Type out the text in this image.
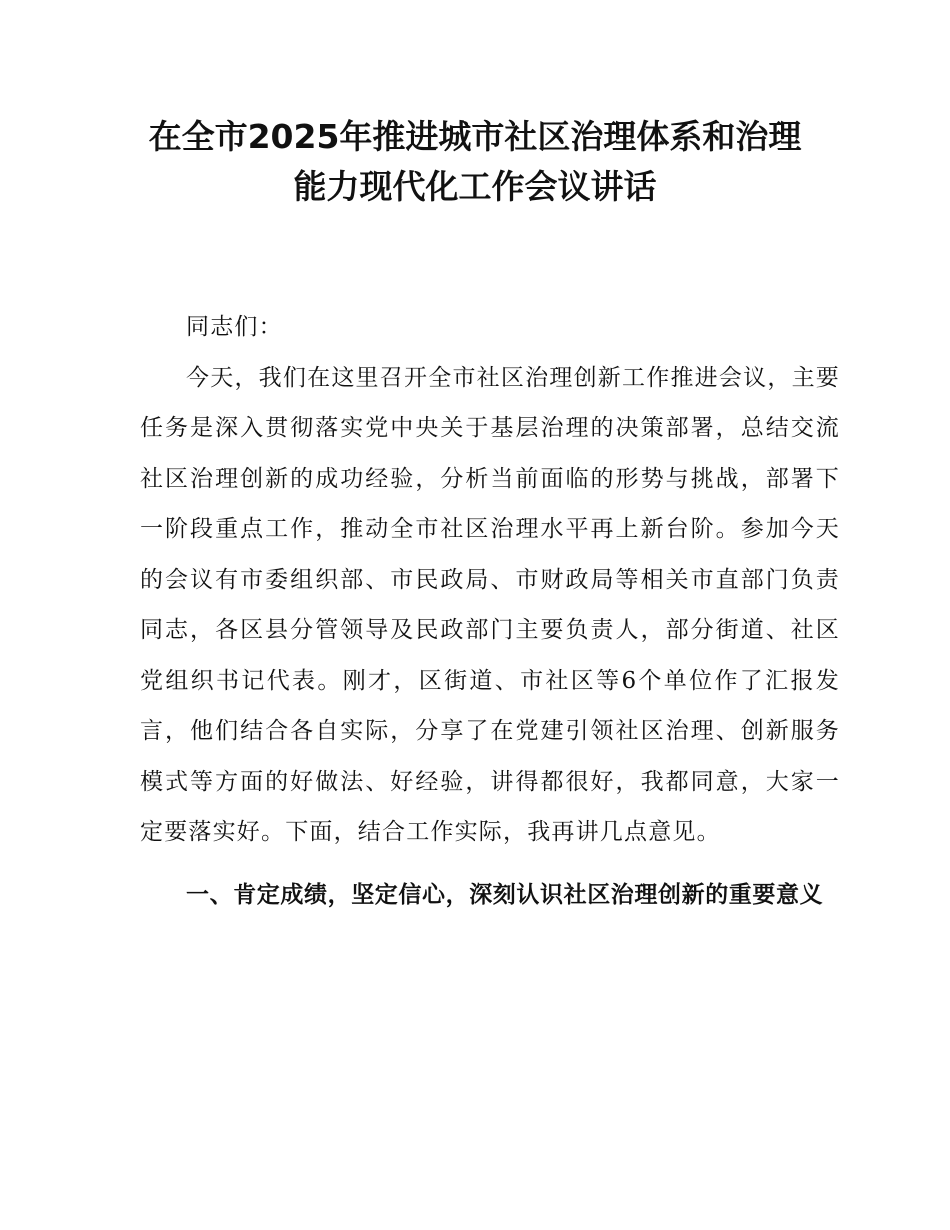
在全市2025年推进城市社区治理体系和治理
能力现代化工作会议讲话

同志们：

今天，我们在这里召开全市社区治理创新工作推进会议，主要任务是深入贯彻落实党中央关于基层治理的决策部署，总结交流社区治理创新的成功经验，分析当前面临的形势与挑战，部署下一阶段重点工作，推动全市社区治理水平再上新台阶。参加今天的会议有市委组织部、市民政局、市财政局等相关市直部门负责同志，各区县分管领导及民政部门主要负责人，部分街道、社区党组织书记代表。刚才，区街道、市社区等6个单位作了汇报发言，他们结合各自实际，分享了在党建引领社区治理、创新服务模式等方面的好做法、好经验，讲得都很好，我都同意，大家一定要落实好。下面，结合工作实际，我再讲几点意见。

一、肯定成绩，坚定信心，深刻认识社区治理创新的重要意义
